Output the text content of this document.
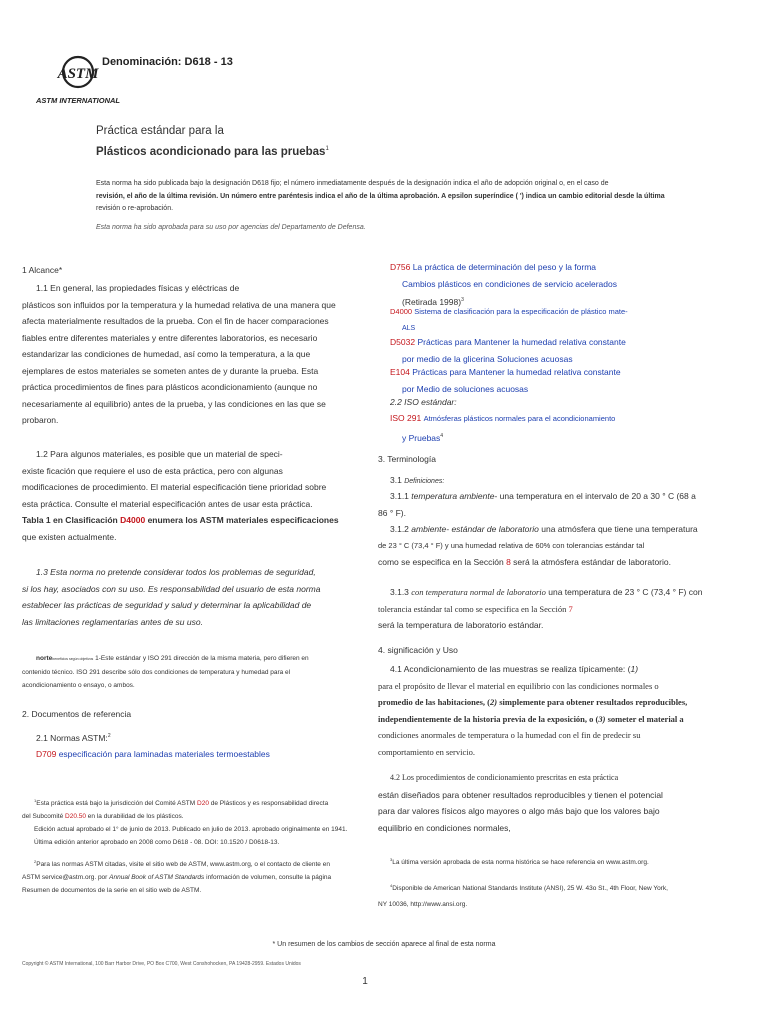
ASTM
ASTM INTERNATIONAL
Denominación: D618 - 13
Práctica estándar para la
Plásticos acondicionado para las pruebas$^1$
Esta norma ha sido publicada bajo la designación D618 fijo; el número inmediatamente después de la designación indica el año de adopción original o, en el caso de
revisión, el año de la última revisión. Un número entre paréntesis indica el año de la última aprobación. A epsilon superíndice ( ') indica un cambio editorial desde la última
revisión o re-aprobación.
Esta norma ha sido aprobada para su uso por agencias del Departamento de Defensa.
1 Alcance*
1.1 En general, las propiedades físicas y eléctricas de
plásticos son influidos por la temperatura y la humedad relativa de una manera que
afecta materialmente resultados de la prueba. Con el fin de hacer comparaciones
fiables entre diferentes materiales y entre diferentes laboratorios, es necesario
estandarizar las condiciones de humedad, así como la temperatura, a la que
ejemplares de estos materiales se someten antes de y durante la prueba. Esta
práctica procedimientos de fines para plásticos acondicionamiento (aunque no
necesariamente al equilibrio) antes de la prueba, y las condiciones en las que se
probaron.
1.2 Para algunos materiales, es posible que un material de speci-
existe ficación que requiere el uso de esta práctica, pero con algunas
modificaciones de procedimiento. El material especificación tiene prioridad sobre
esta práctica. Consulte el material especificación antes de usar esta práctica.
Tabla 1 en Clasificación D4000 enumera los ASTM materiales especificaciones
que existen actualmente.
1.3 Esta norma no pretende considerar todos los problemas de seguridad,
si los hay, asociados con su uso. Es responsabilidad del usuario de esta norma
establecer las prácticas de seguridad y salud y determinar la aplicabilidad de
las limitaciones reglamentarias antes de su uso.
nortebeneficios según objetivos 1-Este estándar y ISO 291 dirección de la misma materia, pero difieren en
contenido técnico. ISO 291 describe sólo dos condiciones de temperatura y humedad para el
acondicionamiento o ensayo, o ambos.
2. Documentos de referencia
2.1 Normas ASTM:$^2$
D709 especificación para laminadas materiales termoestables
$^1$Esta práctica está bajo la jurisdicción del Comité ASTM D20 de Plásticos y es responsabilidad directa
del Subcomité D20.50 en la durabilidad de los plásticos.
Edición actual aprobado el 1° de junio de 2013. Publicado en julio de 2013. aprobado originalmente en 1941.
Última edición anterior aprobado en 2008 como D618 - 08. DOI: 10.1520 / D0618-13.
$^2$Para las normas ASTM citadas, visite el sitio web de ASTM, www.astm.org, o el contacto de cliente en
ASTM service@astm.org. por Annual Book of ASTM Standards información de volumen, consulte la página
Resumen de documentos de la serie en el sitio web de ASTM.
D756 La práctica de determinación del peso y la forma
Cambios plásticos en condiciones de servicio acelerados
(Retirada 1998)$^3$
D4000 Sistema de clasificación para la especificación de plástico mate-
ALS
D5032 Prácticas para Mantener la humedad relativa constante
por medio de la glicerina Soluciones acuosas
E104 Prácticas para Mantener la humedad relativa constante
por Medio de soluciones acuosas
2.2 ISO estándar:
ISO 291 Atmósferas plásticos normales para el acondicionamiento
y Pruebas$^4$
3. Terminología
3.1 Definiciones:
3.1.1 temperatura ambiente- una temperatura en el intervalo de 20 a 30 ° C (68 a
86 ° F).
3.1.2 ambiente- estándar de laboratorio una atmósfera que tiene una temperatura
de 23 ° C (73,4 ° F) y una humedad relativa de 60% con tolerancias estándar tal
como se especifica en la Sección 8 será la atmósfera estándar de laboratorio.
3.1.3 con temperatura normal de laboratorio una temperatura de 23 ° C (73,4 ° F) con
tolerancia estándar tal como se especifica en la Sección 7
será la temperatura de laboratorio estándar.
4. significación y Uso
4.1 Acondicionamiento de las muestras se realiza típicamente: (1)
para el propósito de llevar el material en equilibrio con las condiciones normales o
promedio de las habitaciones, (2) simplemente para obtener resultados reproducibles,
independientemente de la historia previa de la exposición, o (3) someter el material a
condiciones anormales de temperatura o la humedad con el fin de predecir su
comportamiento en servicio.
4.2 Los procedimientos de condicionamiento prescritas en esta práctica
están diseñados para obtener resultados reproducibles y tienen el potencial
para dar valores físicos algo mayores o algo más bajo que los valores bajo
equilibrio en condiciones normales,
$^3$La última versión aprobada de esta norma histórica se hace referencia en www.astm.org.
$^4$Disponible de American National Standards Institute (ANSI), 25 W. 43o St., 4th Floor, New York,
NY 10036, http://www.ansi.org.
* Un resumen de los cambios de sección aparece al final de esta norma
Copyright © ASTM International, 100 Barr Harbor Drive, PO Box C700, West Conshohocken, PA 19428-2959. Estados Unidos
1
